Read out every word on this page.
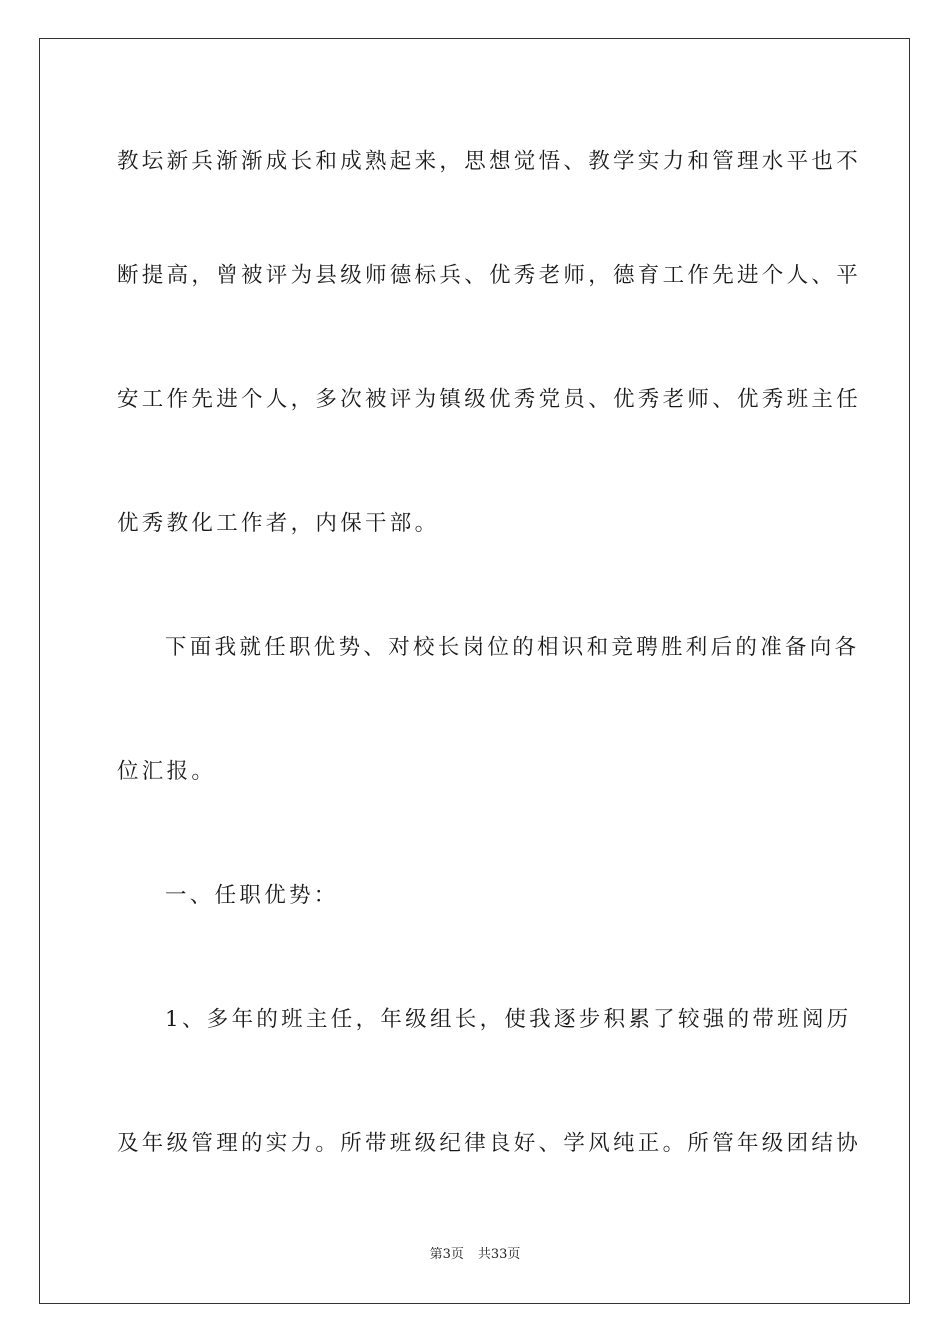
教坛新兵渐渐成长和成熟起来，思想觉悟、教学实力和管理水平也不
断提高，曾被评为县级师德标兵、优秀老师，德育工作先进个人、平
安工作先进个人，多次被评为镇级优秀党员、优秀老师、优秀班主任
优秀教化工作者，内保干部。
下面我就任职优势、对校长岗位的相识和竞聘胜利后的准备向各
位汇报。
一、任职优势：
1、多年的班主任，年级组长，使我逐步积累了较强的带班阅历
及年级管理的实力。所带班级纪律良好、学风纯正。所管年级团结协
第3页 共33页
